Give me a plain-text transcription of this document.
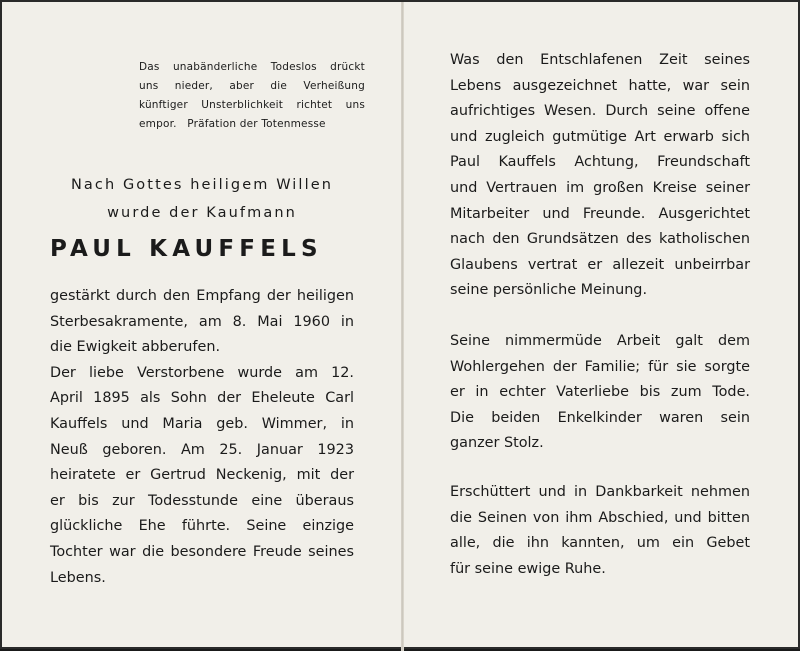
Das unabänderliche Todeslos drückt
uns nieder, aber die Verheißung
künftiger Unsterblichkeit richtet uns
empor.   Präfation der Totenmesse
Nach Gottes heiligem Willen
wurde der Kaufmann
PAUL KAUFFELS
gestärkt durch den Empfang der heiligen
Sterbesakramente, am 8. Mai 1960 in
die Ewigkeit abberufen.
Der liebe Verstorbene wurde am 12.
April 1895 als Sohn der Eheleute Carl
Kauffels und Maria geb. Wimmer, in
Neuß geboren. Am 25. Januar 1923
heiratete er Gertrud Neckenig, mit der
er bis zur Todesstunde eine überaus
glückliche Ehe führte. Seine einzige
Tochter war die besondere Freude seines
Lebens.
Was den Entschlafenen Zeit seines
Lebens ausgezeichnet hatte, war sein
aufrichtiges Wesen. Durch seine offene
und zugleich gutmütige Art erwarb sich
Paul Kauffels Achtung, Freundschaft
und Vertrauen im großen Kreise seiner
Mitarbeiter und Freunde. Ausgerichtet
nach den Grundsätzen des katholischen
Glaubens vertrat er allezeit unbeirrbar
seine persönliche Meinung.
Seine nimmermüde Arbeit galt dem
Wohlergehen der Familie; für sie sorgte
er in echter Vaterliebe bis zum Tode.
Die beiden Enkelkinder waren sein
ganzer Stolz.
Erschüttert und in Dankbarkeit nehmen
die Seinen von ihm Abschied, und bitten
alle, die ihn kannten, um ein Gebet
für seine ewige Ruhe.
